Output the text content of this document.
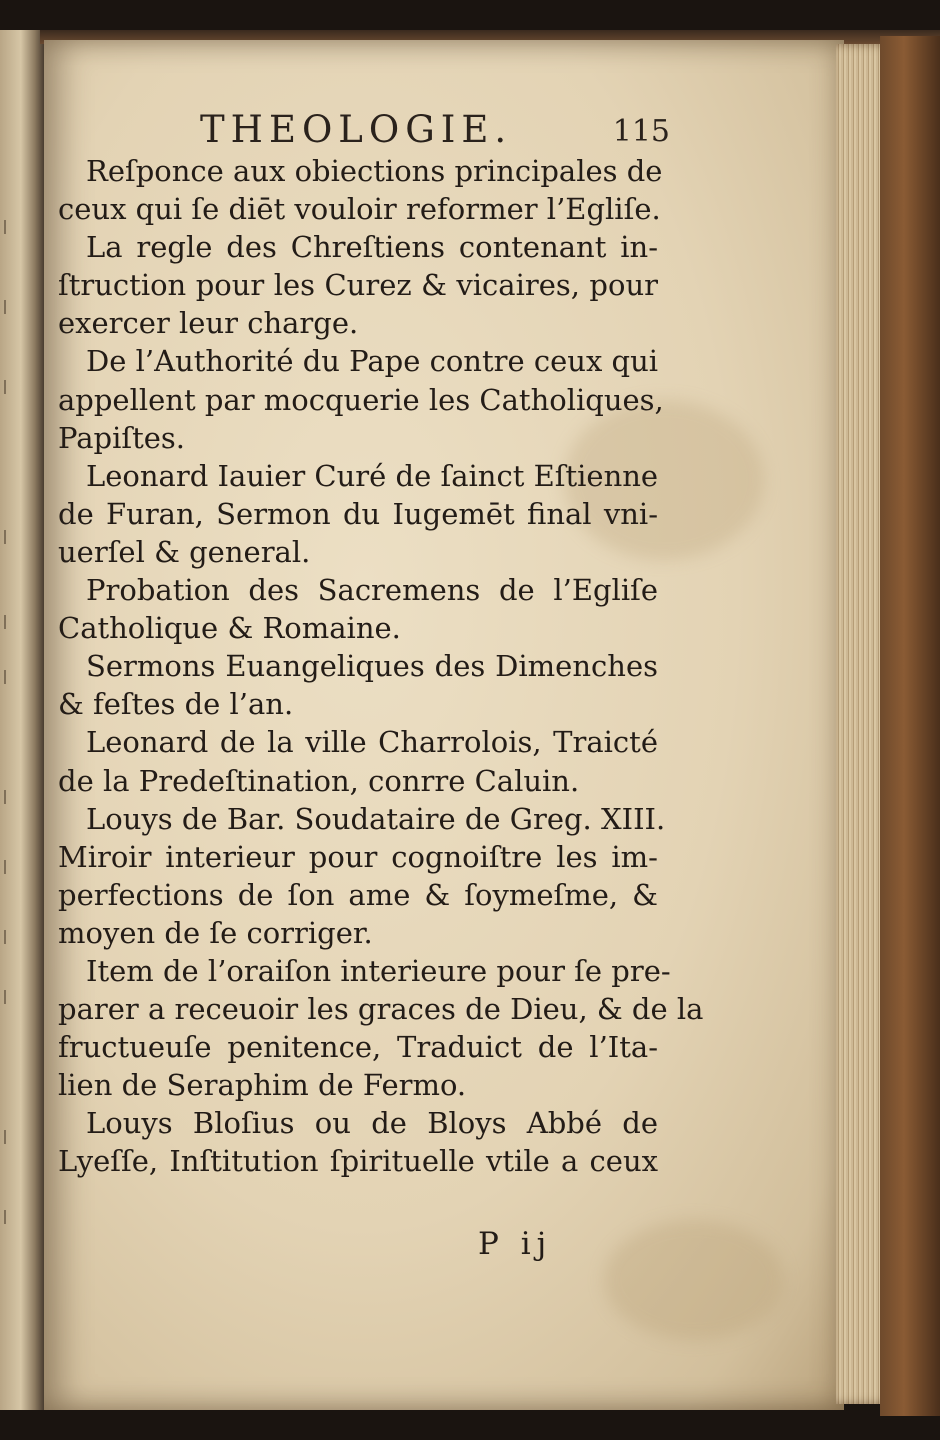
THEOLOGIE.	115
Reſponce aux obiections principales de
ceux qui ſe diēt vouloir reformer l’Egliſe.
La regle des Chreſtiens contenant in-
ſtruction pour les Curez & vicaires, pour
exercer leur charge.
De l’Authorité du Pape contre ceux qui
appellent par mocquerie les Catholiques,
Papiſtes.
Leonard Iauier Curé de ſainct Eſtienne
de Furan, Sermon du Iugemēt final vni-
uerſel & general.
Probation des Sacremens de l’Egliſe
Catholique & Romaine.
Sermons Euangeliques des Dimenches
& feſtes de l’an.
Leonard de la ville Charrolois, Traicté
de la Predeſtination, conrre Caluin.
Louys de Bar. Soudataire de Greg. XIII.
Miroir interieur pour cognoiſtre les im-
perfections de ſon ame & ſoymeſme, &
moyen de ſe corriger.
Item de l’oraiſon interieure pour ſe pre-
parer a receuoir les graces de Dieu, & de la
fructueuſe penitence, Traduict de l’Ita-
lien de Seraphim de Fermo.
Louys Bloſius ou de Bloys Abbé de
Lyeſſe, Inſtitution ſpirituelle vtile a ceux
P ij
